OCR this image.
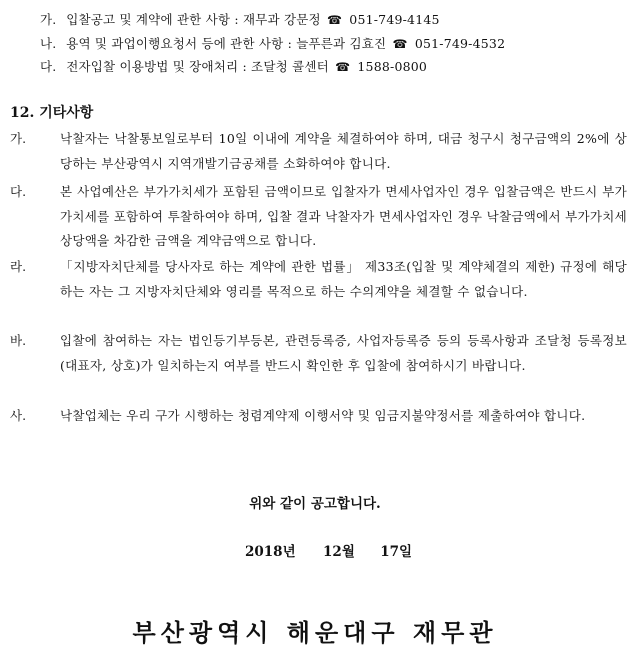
가. 입찰공고 및 계약에 관한 사항 : 재무과 강문정 ☎ 051-749-4145
나. 용역 및 과업이행요청서 등에 관한 사항 : 늘푸른과 김효진 ☎ 051-749-4532
다. 전자입찰 이용방법 및 장애처리 : 조달청 콜센터 ☎ 1588-0800
12. 기타사항
가.	낙찰자는 낙찰통보일로부터 10일 이내에 계약을 체결하여야 하며, 대금 청구시 청구금액의 2%에 상당하는 부산광역시 지역개발기금공채를 소화하여야 합니다.
다.	본 사업예산은 부가가치세가 포함된 금액이므로 입찰자가 면세사업자인 경우 입찰금액은 반드시 부가가치세를 포함하여 투찰하여야 하며, 입찰 결과 낙찰자가 면세사업자인 경우 낙찰금액에서 부가가치세 상당액을 차감한 금액을 계약금액으로 합니다.
라.	「지방자치단체를 당사자로 하는 계약에 관한 법률」 제33조(입찰 및 계약체결의 제한) 규정에 해당하는 자는 그 지방자치단체와 영리를 목적으로 하는 수의계약을 체결할 수 없습니다.
바.	입찰에 참여하는 자는 법인등기부등본, 관련등록증, 사업자등록증 등의 등록사항과 조달청 등록정보(대표자, 상호)가 일치하는지 여부를 반드시 확인한 후 입찰에 참여하시기 바랍니다.
사.	낙찰업체는 우리 구가 시행하는 청렴계약제 이행서약 및 임금지불약정서를 제출하여야 합니다.
위와 같이 공고합니다.
2018년 12월 17일
부산광역시 해운대구 재무관
